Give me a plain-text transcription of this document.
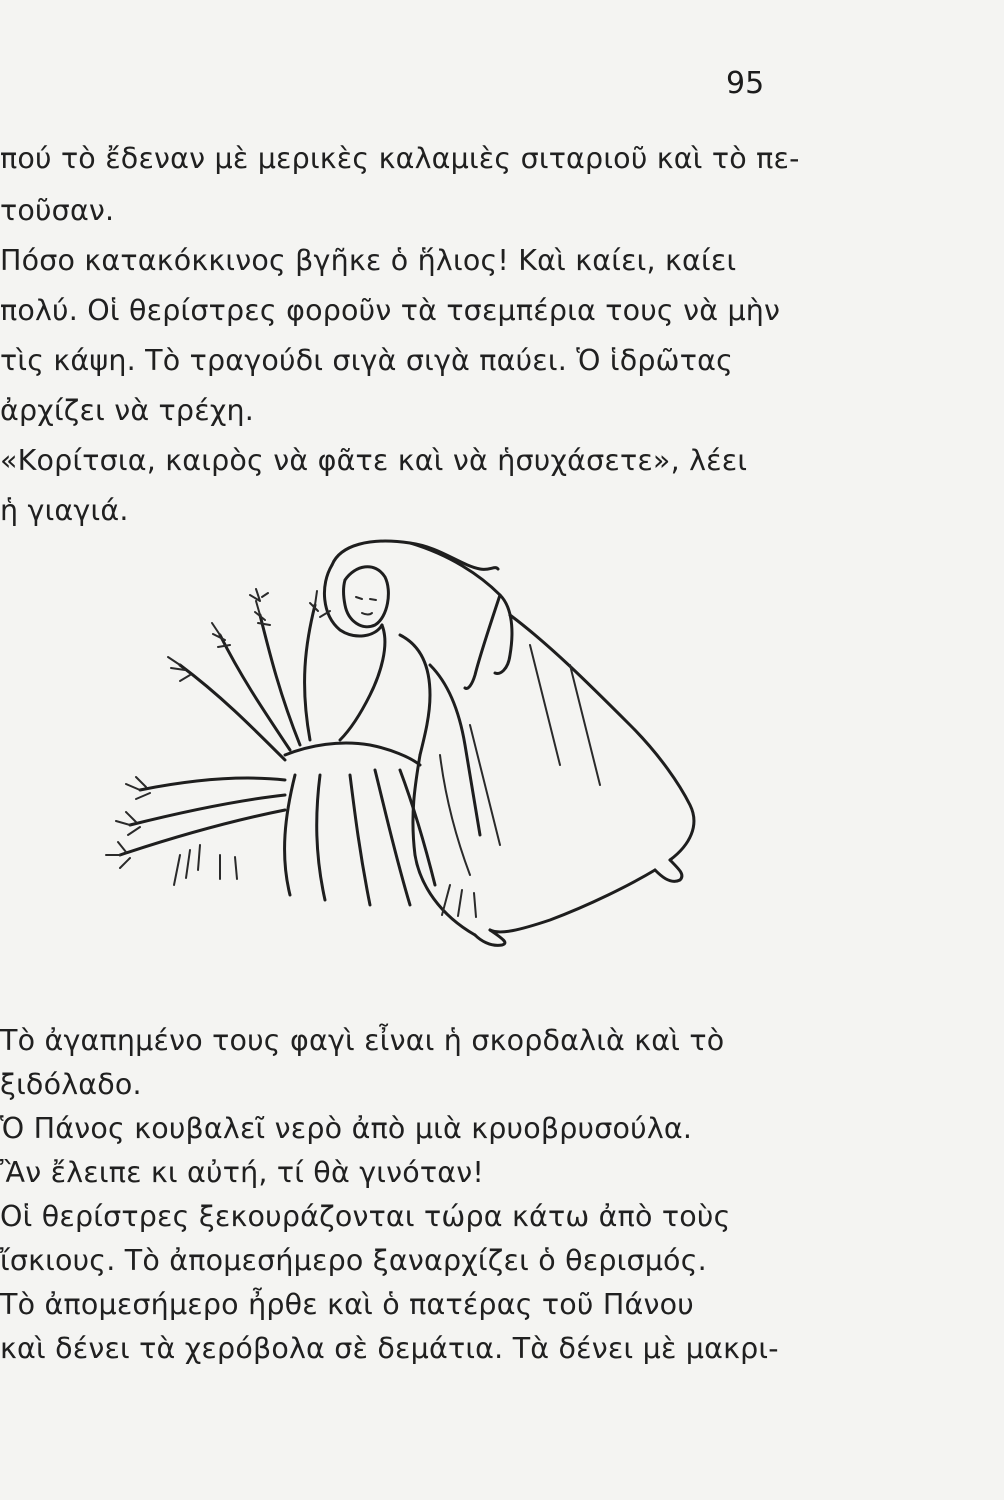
95
πού τὸ ἔδεναν μὲ μερικὲς καλαμιὲς σιταριοῦ καὶ τὸ πε-
τοῦσαν.
Πόσο κατακόκκινος βγῆκε ὁ ἥλιος! Καὶ καίει, καίει
πολύ. Οἱ θερίστρες φοροῦν τὰ τσεμπέρια τους νὰ μὴν
τὶς κάψη. Τὸ τραγούδι σιγὰ σιγὰ παύει. Ὁ ἱδρῶτας
ἀρχίζει νὰ τρέχη.
«Κορίτσια, καιρὸς νὰ φᾶτε καὶ νὰ ἡσυχάσετε», λέει
ἡ γιαγιά.
Τὸ ἀγαπημένο τους φαγὶ εἶναι ἡ σκορδαλιὰ καὶ τὸ
ξιδόλαδο.
Ὁ Πάνος κουβαλεῖ νερὸ ἀπὸ μιὰ κρυοβρυσούλα.
Ἂν ἔλειπε κι αὐτή, τί θὰ γινόταν!
Οἱ θερίστρες ξεκουράζονται τώρα κάτω ἀπὸ τοὺς
ἴσκιους. Τὸ ἀπομεσήμερο ξαναρχίζει ὁ θερισμός.
Τὸ ἀπομεσήμερο ἦρθε καὶ ὁ πατέρας τοῦ Πάνου
καὶ δένει τὰ χερόβολα σὲ δεμάτια. Τὰ δένει μὲ μακρι-
